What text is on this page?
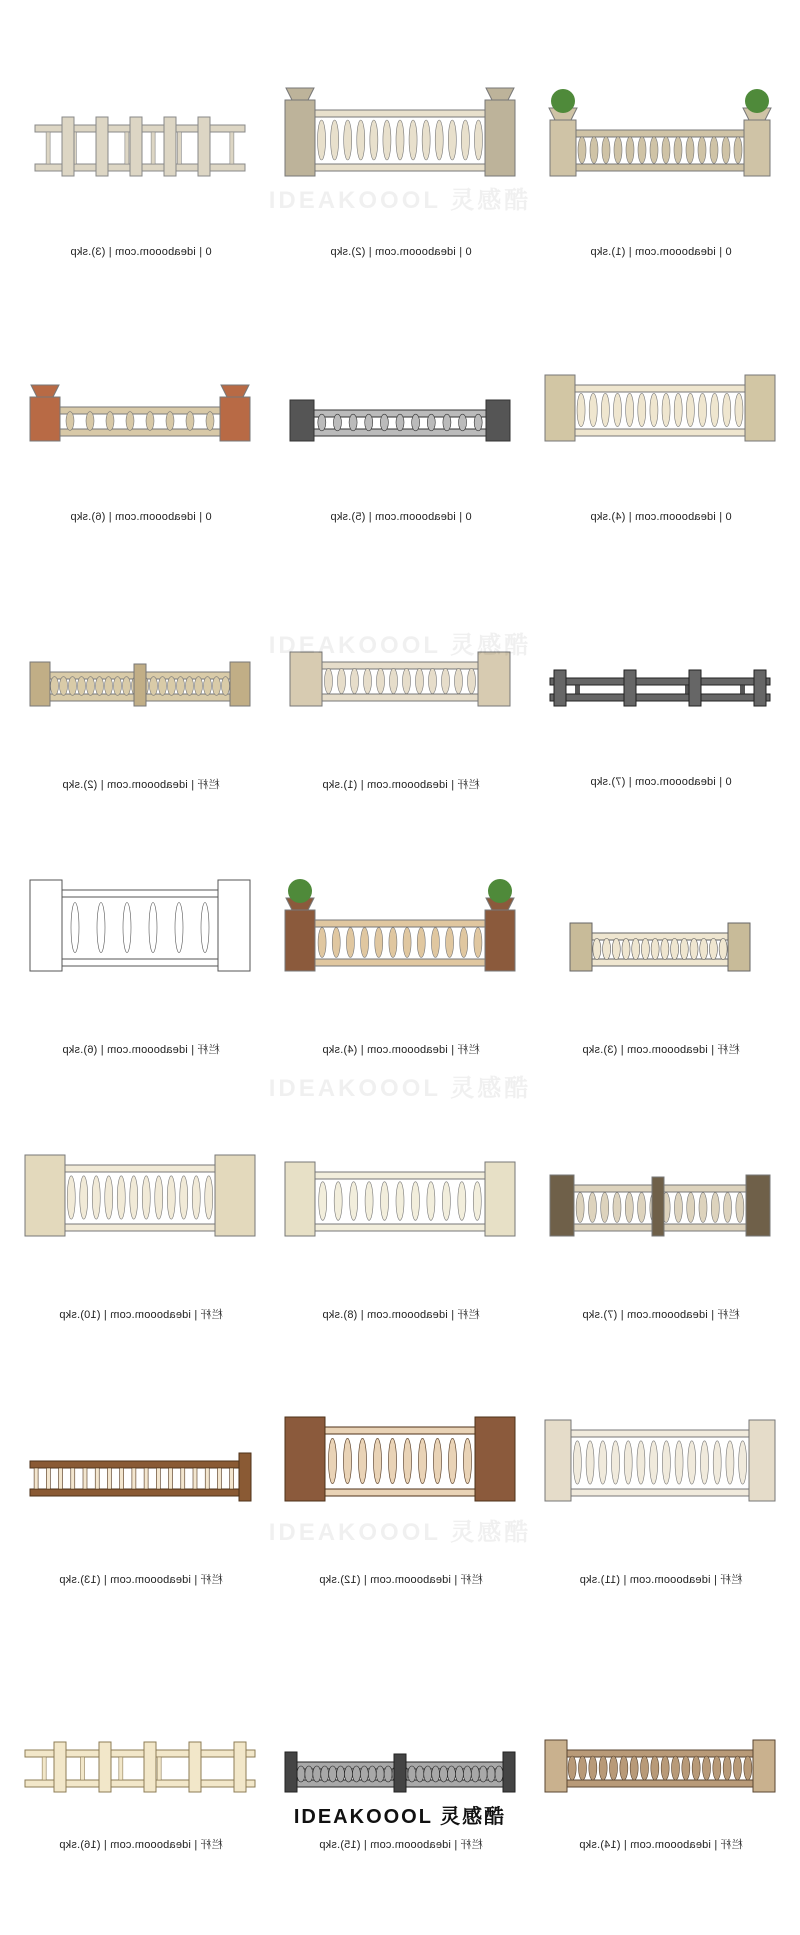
0 | ideabooom.com | (3).skp	0 | ideabooom.com | (2).skp	0 | ideabooom.com | (1).skp
0 | ideabooom.com | (6).skp	0 | ideabooom.com | (5).skp	0 | ideabooom.com | (4).skp
栏杆 | ideabooom.com | (2).skp	栏杆 | ideabooom.com | (1).skp	0 | ideabooom.com | (7).skp
栏杆 | ideabooom.com | (6).skp	栏杆 | ideabooom.com | (4).skp	栏杆 | ideabooom.com | (3).skp
栏杆 | ideabooom.com | (10).skp	栏杆 | ideabooom.com | (8).skp	栏杆 | ideabooom.com | (7).skp
栏杆 | ideabooom.com | (13).skp	栏杆 | ideabooom.com | (12).skp	栏杆 | ideabooom.com | (11).skp
栏杆 | ideabooom.com | (16).skp	栏杆 | ideabooom.com | (15).skp	栏杆 | ideabooom.com | (14).skp
IDEAKOOOL 灵感酷
IDEAKOOOL 灵感酷
IDEAKOOOL 灵感酷
IDEAKOOOL 灵感酷
IDEAKOOOL 灵感酷
